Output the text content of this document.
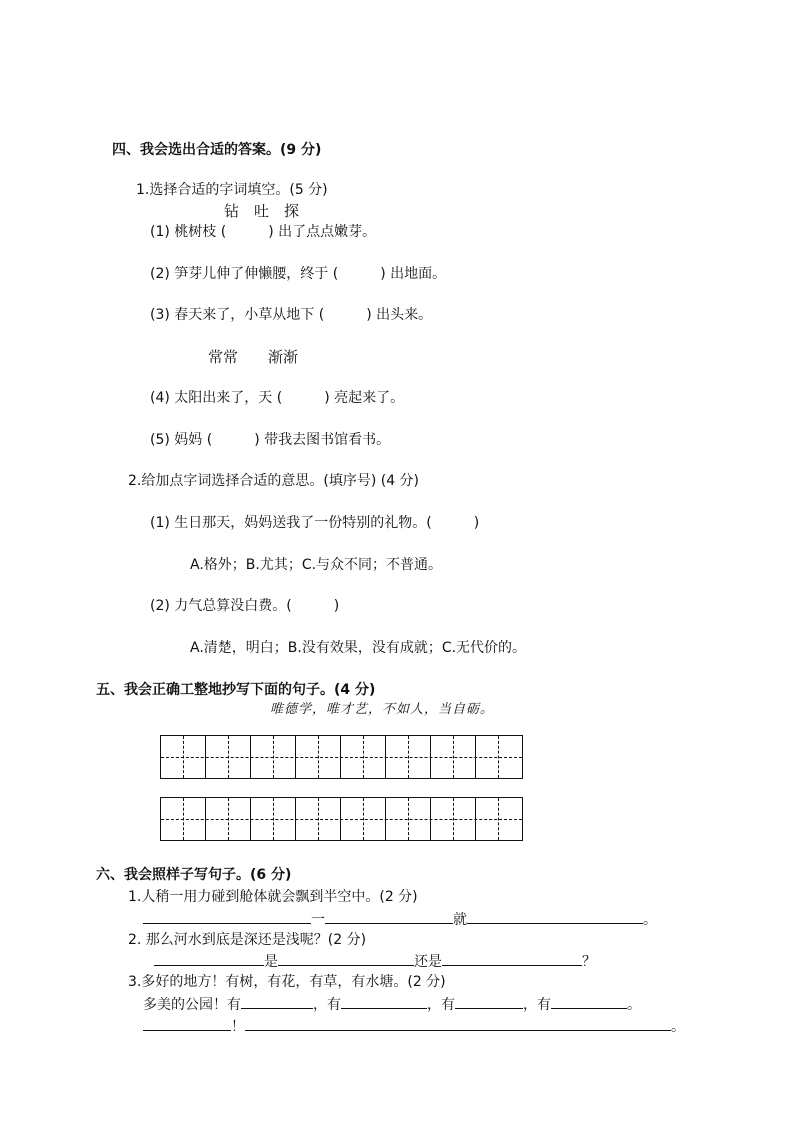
四、我会选出合适的答案。(9 分)
1.选择合适的字词填空。(5 分)
钻　吐　探
(1) 桃树枝 (　　　) 出了点点嫩芽。
(2) 笋芽儿伸了伸懒腰，终于 (　　　) 出地面。
(3) 春天来了，小草从地下 (　　　) 出头来。
常常　　渐渐
(4) 太阳出来了，天 (　　　) 亮起来了。
(5) 妈妈 (　　　) 带我去图书馆看书。
2.给加点字词选择合适的意思。(填序号) (4 分)
(1) 生日那天，妈妈送我了一份特别的礼物。(　　　)
A.格外；B.尤其；C.与众不同；不普通。
(2) 力气总算没白费。(　　　)
A.清楚，明白；B.没有效果，没有成就；C.无代价的。
五、我会正确工整地抄写下面的句子。(4 分)
唯德学，唯才艺，不如人，当自砺。
六、我会照样子写句子。(6 分)
1.人稍一用力碰到舱体就会飘到半空中。(2 分)
一	就	。
2. 那么河水到底是深还是浅呢？(2 分)
是	还是	？
3.多好的地方！有树，有花，有草，有水塘。(2 分)
多美的公园！有	，有	，有	，有	。
！	。
